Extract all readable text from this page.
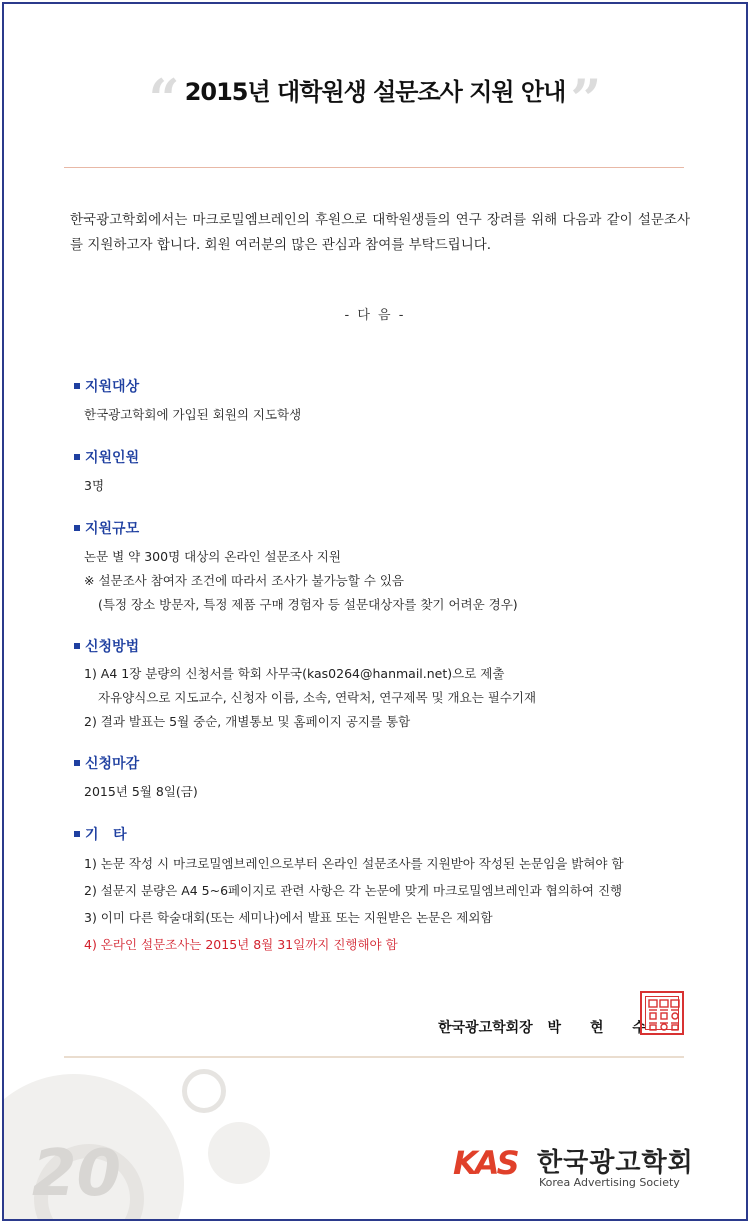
“ 2015년 대학원생 설문조사 지원 안내 ”
한국광고학회에서는 마크로밀엠브레인의 후원으로 대학원생들의 연구 장려를 위해 다음과 같이 설문조사를 지원하고자 합니다. 회원 여러분의 많은 관심과 참여를 부탁드립니다.
- 다 음 -
지원대상
한국광고학회에 가입된 회원의 지도학생
지원인원
3명
지원규모
논문 별 약 300명 대상의 온라인 설문조사 지원
※ 설문조사 참여자 조건에 따라서 조사가 불가능할 수 있음
(특정 장소 방문자, 특정 제품 구매 경험자 등 설문대상자를 찾기 어려운 경우)
신청방법
1) A4 1장 분량의 신청서를 학회 사무국(kas0264@hanmail.net)으로 제출
자유양식으로 지도교수, 신청자 이름, 소속, 연락처, 연구제목 및 개요는 필수기재
2) 결과 발표는 5월 중순, 개별통보 및 홈페이지 공지를 통함
신청마감
2015년 5월 8일(금)
기   타
1) 논문 작성 시 마크로밀엠브레인으로부터 온라인 설문조사를 지원받아 작성된 논문임을 밝혀야 함
2) 설문지 분량은 A4 5~6페이지로 관련 사항은 각 논문에 맞게 마크로밀엠브레인과 협의하여 진행
3) 이미 다른 학술대회(또는 세미나)에서 발표 또는 지원받은 논문은 제외함
4) 온라인 설문조사는 2015년 8월 31일까지 진행해야 함
한국광고학회장 박 현 수
20	KAS 한국광고학회
Korea Advertising Society
